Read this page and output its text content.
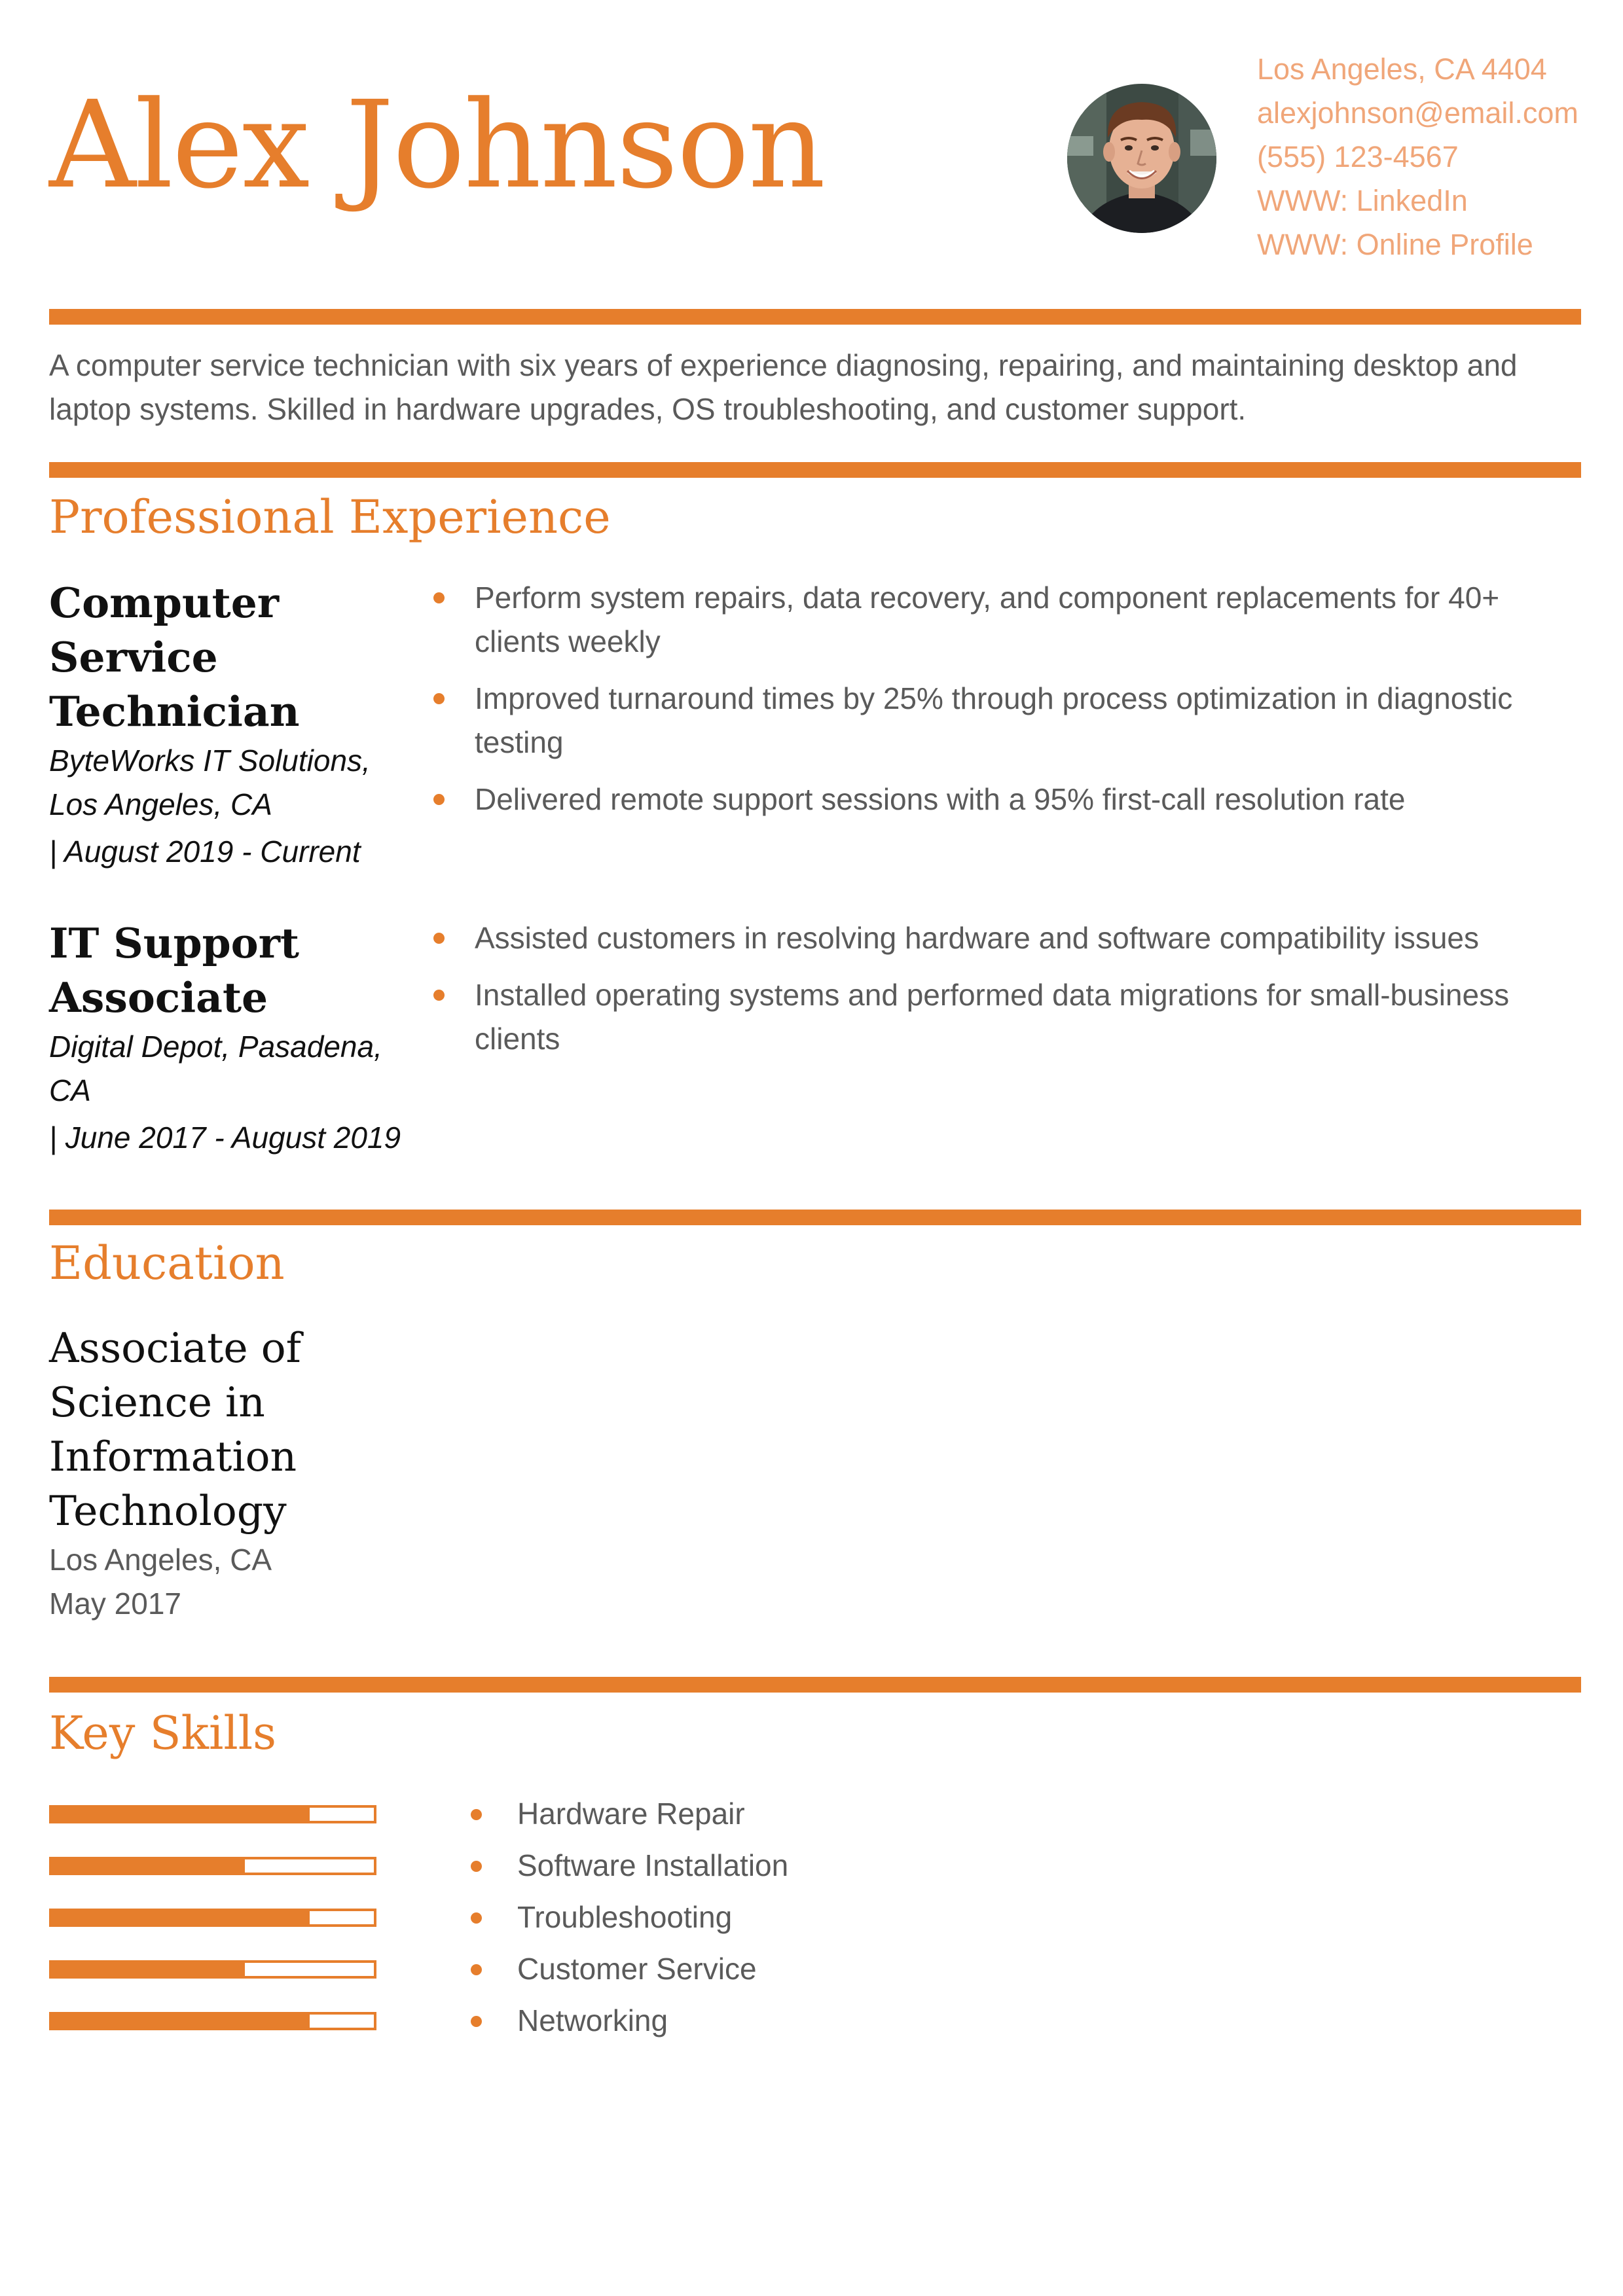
Alex Johnson
Los Angeles, CA 4404
alexjohnson@email.com
(555) 123-4567
WWW: LinkedIn
WWW: Online Profile

A computer service technician with six years of experience diagnosing, repairing, and maintaining desktop and laptop systems. Skilled in hardware upgrades, OS troubleshooting, and customer support.

Professional Experience
Computer Service Technician
ByteWorks IT Solutions, Los Angeles, CA
| August 2019 - Current
Perform system repairs, data recovery, and component replacements for 40+ clients weekly
Improved turnaround times by 25% through process optimization in diagnostic testing
Delivered remote support sessions with a 95% first-call resolution rate
IT Support Associate
Digital Depot, Pasadena, CA
| June 2017 - August 2019
Assisted customers in resolving hardware and software compatibility issues
Installed operating systems and performed data migrations for small-business clients
Education
Associate of Science in Information Technology
Los Angeles, CA
May 2017
Key Skills
Hardware Repair
Software Installation
Troubleshooting
Customer Service
Networking
